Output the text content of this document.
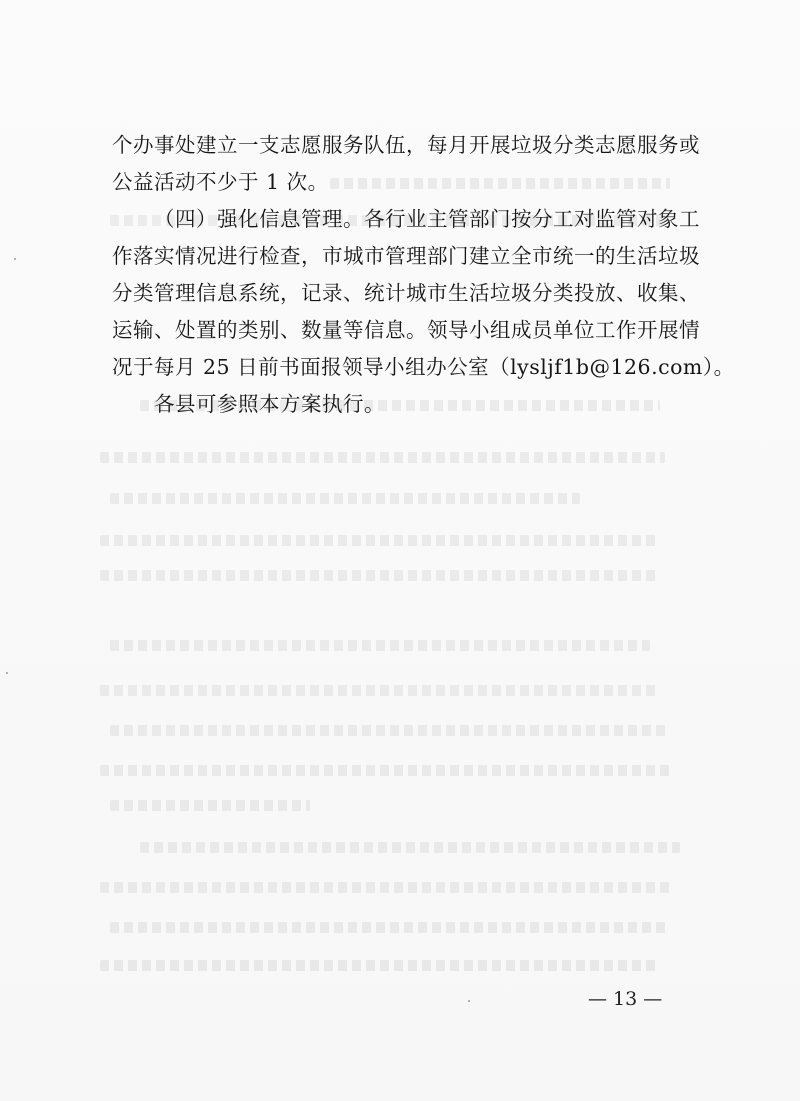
个办事处建立一支志愿服务队伍，每月开展垃圾分类志愿服务或
公益活动不少于 1 次。
（四）强化信息管理。各行业主管部门按分工对监管对象工
作落实情况进行检查，市城市管理部门建立全市统一的生活垃圾
分类管理信息系统，记录、统计城市生活垃圾分类投放、收集、
运输、处置的类别、数量等信息。领导小组成员单位工作开展情
况于每月 25 日前书面报领导小组办公室（lysljf1b@126.com）。
各县可参照本方案执行。
— 13 —
